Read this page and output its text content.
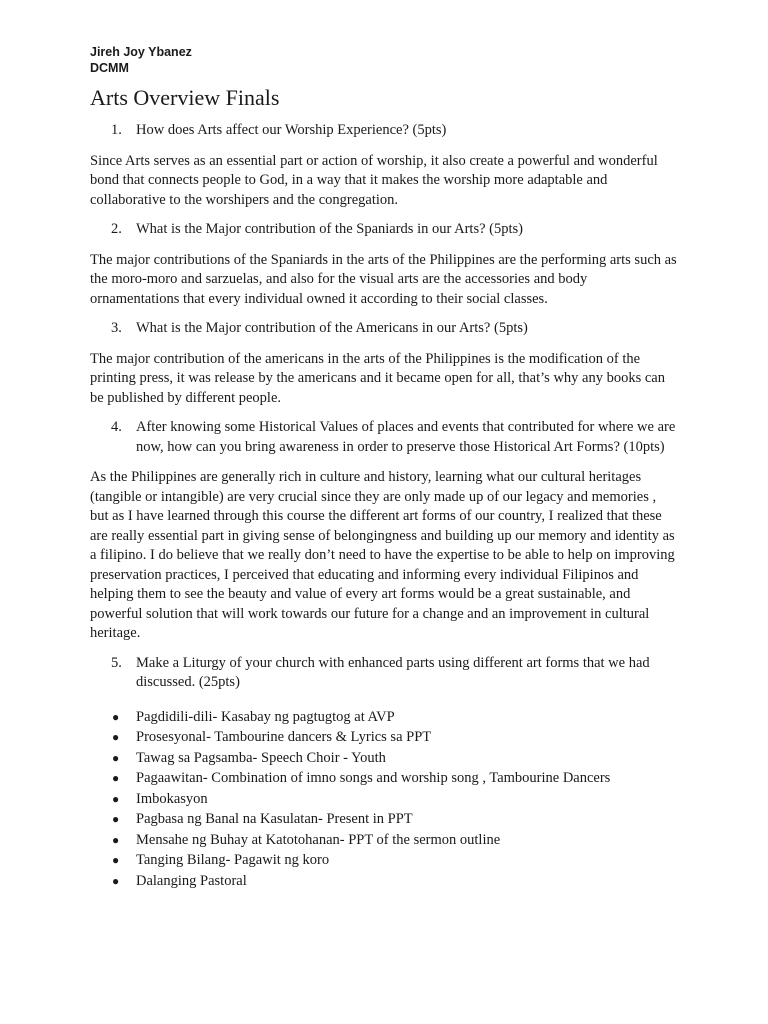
Jireh Joy Ybanez
DCMM
Arts Overview Finals
1. How does Arts affect our Worship Experience? (5pts)

Since Arts serves as an essential part or action of worship, it also create a powerful and wonderful bond that connects people to God, in a way that it makes the worship more adaptable and collaborative to the worshipers and the congregation.

2. What is the Major contribution of the Spaniards in our Arts? (5pts)

The major contributions of the Spaniards in the arts of the Philippines are the performing arts such as the moro-moro and sarzuelas, and also for the visual arts are the accessories and body ornamentations that every individual owned it according to their social classes.

3. What is the Major contribution of the Americans in our Arts? (5pts)

The major contribution of the americans in the arts of the Philippines is the modification of the printing press, it was release by the americans and it became open for all, that’s why any books can be published by different people.

4. After knowing some Historical Values of places and events that contributed for where we are now, how can you bring awareness in order to preserve those Historical Art Forms? (10pts)

As the Philippines are generally rich in culture and history, learning what our cultural heritages (tangible or intangible) are very crucial since they are only made up of our legacy and memories , but as I have learned through this course the different art forms of our country, I realized that these are really essential part in giving sense of belongingness and building up our memory and identity as a filipino. I do believe that we really don’t need to have the expertise to be able to help on improving preservation practices, I perceived that educating and informing every individual Filipinos and helping them to see the beauty and value of every art forms would be a great sustainable, and powerful solution that will work towards our future for a change and an improvement in cultural heritage.

5. Make a Liturgy of your church with enhanced parts using different art forms that we had discussed. (25pts)
●	Pagdidili-dili- Kasabay ng pagtugtog at AVP
●	Prosesyonal- Tambourine dancers & Lyrics sa PPT
●	Tawag sa Pagsamba- Speech Choir - Youth
●	Pagaawitan- Combination of imno songs and worship song , Tambourine Dancers
●	Imbokasyon
●	Pagbasa ng Banal na Kasulatan- Present in PPT
●	Mensahe ng Buhay at Katotohanan- PPT of the sermon outline
●	Tanging Bilang- Pagawit ng koro
●	Dalanging Pastoral
